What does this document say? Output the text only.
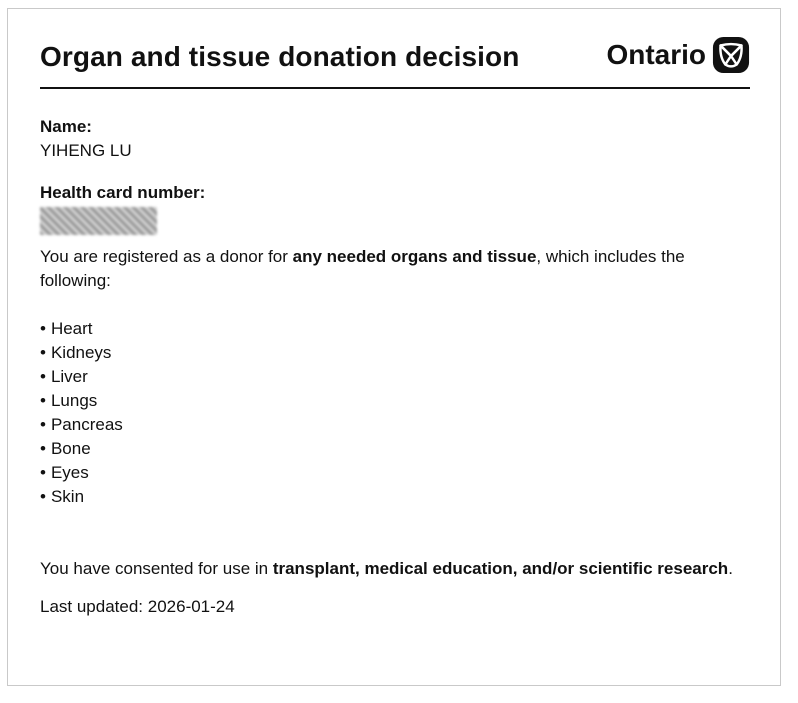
Organ and tissue donation decision	Ontario
Name:
YIHENG LU
Health card number:

You are registered as a donor for any needed organs and tissue, which includes the following:

• Heart
• Kidneys
• Liver
• Lungs
• Pancreas
• Bone
• Eyes
• Skin

You have consented for use in transplant, medical education, and/or scientific research.

Last updated: 2026-01-24
